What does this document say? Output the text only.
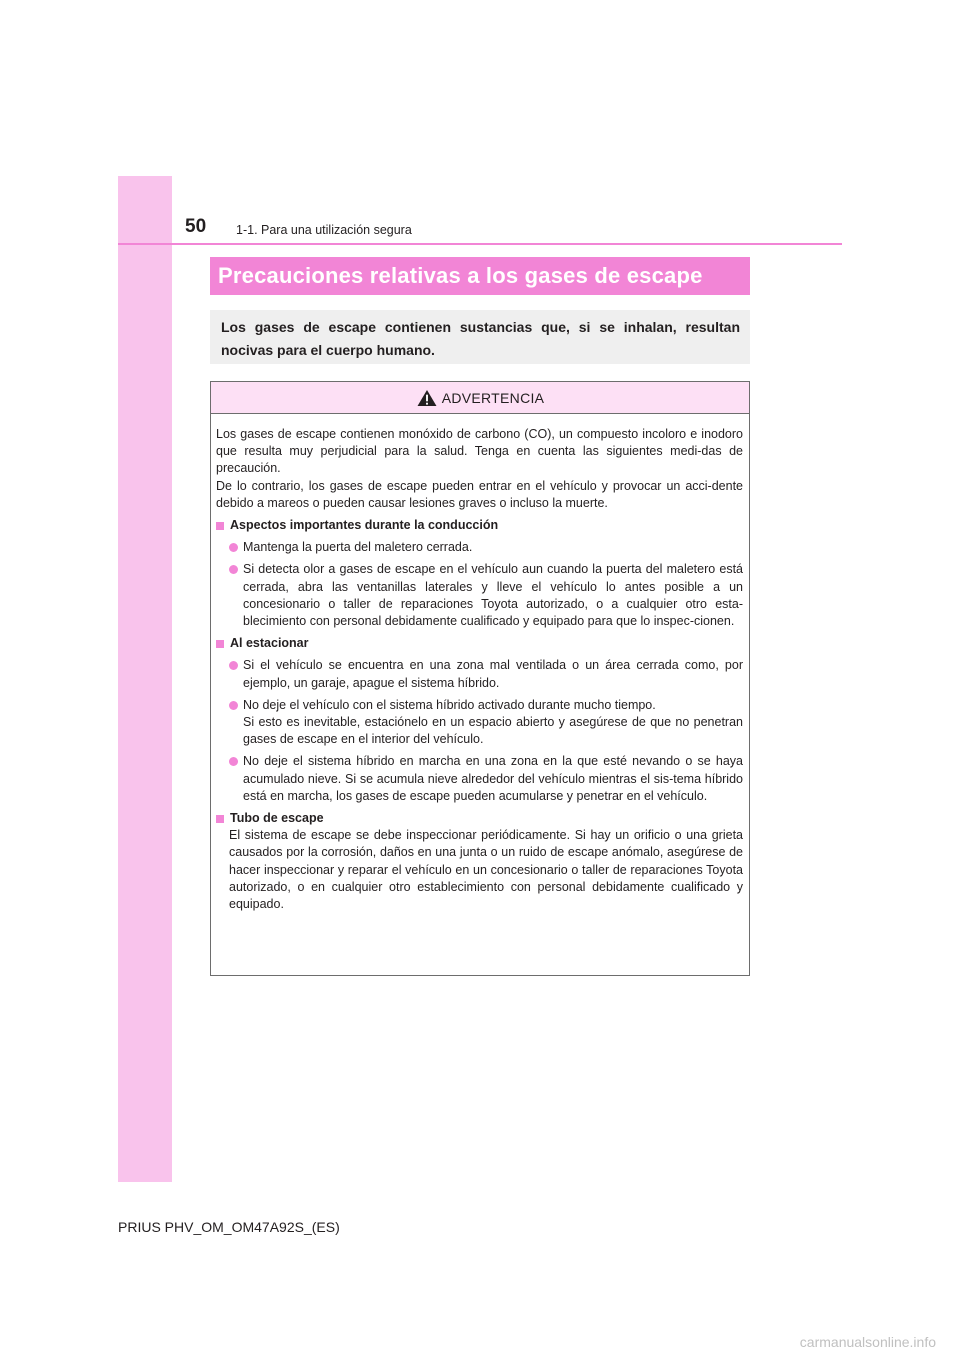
50 1-1. Para una utilización segura
Precauciones relativas a los gases de escape

Los gases de escape contienen sustancias que, si se inhalan, resultan nocivas para el cuerpo humano.

ADVERTENCIA
Los gases de escape contienen monóxido de carbono (CO), un compuesto incoloro e inodoro que resulta muy perjudicial para la salud. Tenga en cuenta las siguientes medi-das de precaución.
De lo contrario, los gases de escape pueden entrar en el vehículo y provocar un acci-dente debido a mareos o pueden causar lesiones graves o incluso la muerte.
Aspectos importantes durante la conducción
Mantenga la puerta del maletero cerrada.
Si detecta olor a gases de escape en el vehículo aun cuando la puerta del maletero está cerrada, abra las ventanillas laterales y lleve el vehículo lo antes posible a un concesionario o taller de reparaciones Toyota autorizado, o a cualquier otro esta-blecimiento con personal debidamente cualificado y equipado para que lo inspec-cionen.
Al estacionar
Si el vehículo se encuentra en una zona mal ventilada o un área cerrada como, por ejemplo, un garaje, apague el sistema híbrido.
No deje el vehículo con el sistema híbrido activado durante mucho tiempo.
Si esto es inevitable, estaciónelo en un espacio abierto y asegúrese de que no penetran gases de escape en el interior del vehículo.
No deje el sistema híbrido en marcha en una zona en la que esté nevando o se haya acumulado nieve. Si se acumula nieve alrededor del vehículo mientras el sis-tema híbrido está en marcha, los gases de escape pueden acumularse y penetrar en el vehículo.
Tubo de escape
El sistema de escape se debe inspeccionar periódicamente. Si hay un orificio o una grieta causados por la corrosión, daños en una junta o un ruido de escape anómalo, asegúrese de hacer inspeccionar y reparar el vehículo en un concesionario o taller de reparaciones Toyota autorizado, o en cualquier otro establecimiento con personal debidamente cualificado y equipado.
PRIUS PHV_OM_OM47A92S_(ES)
carmanualsonline.info
